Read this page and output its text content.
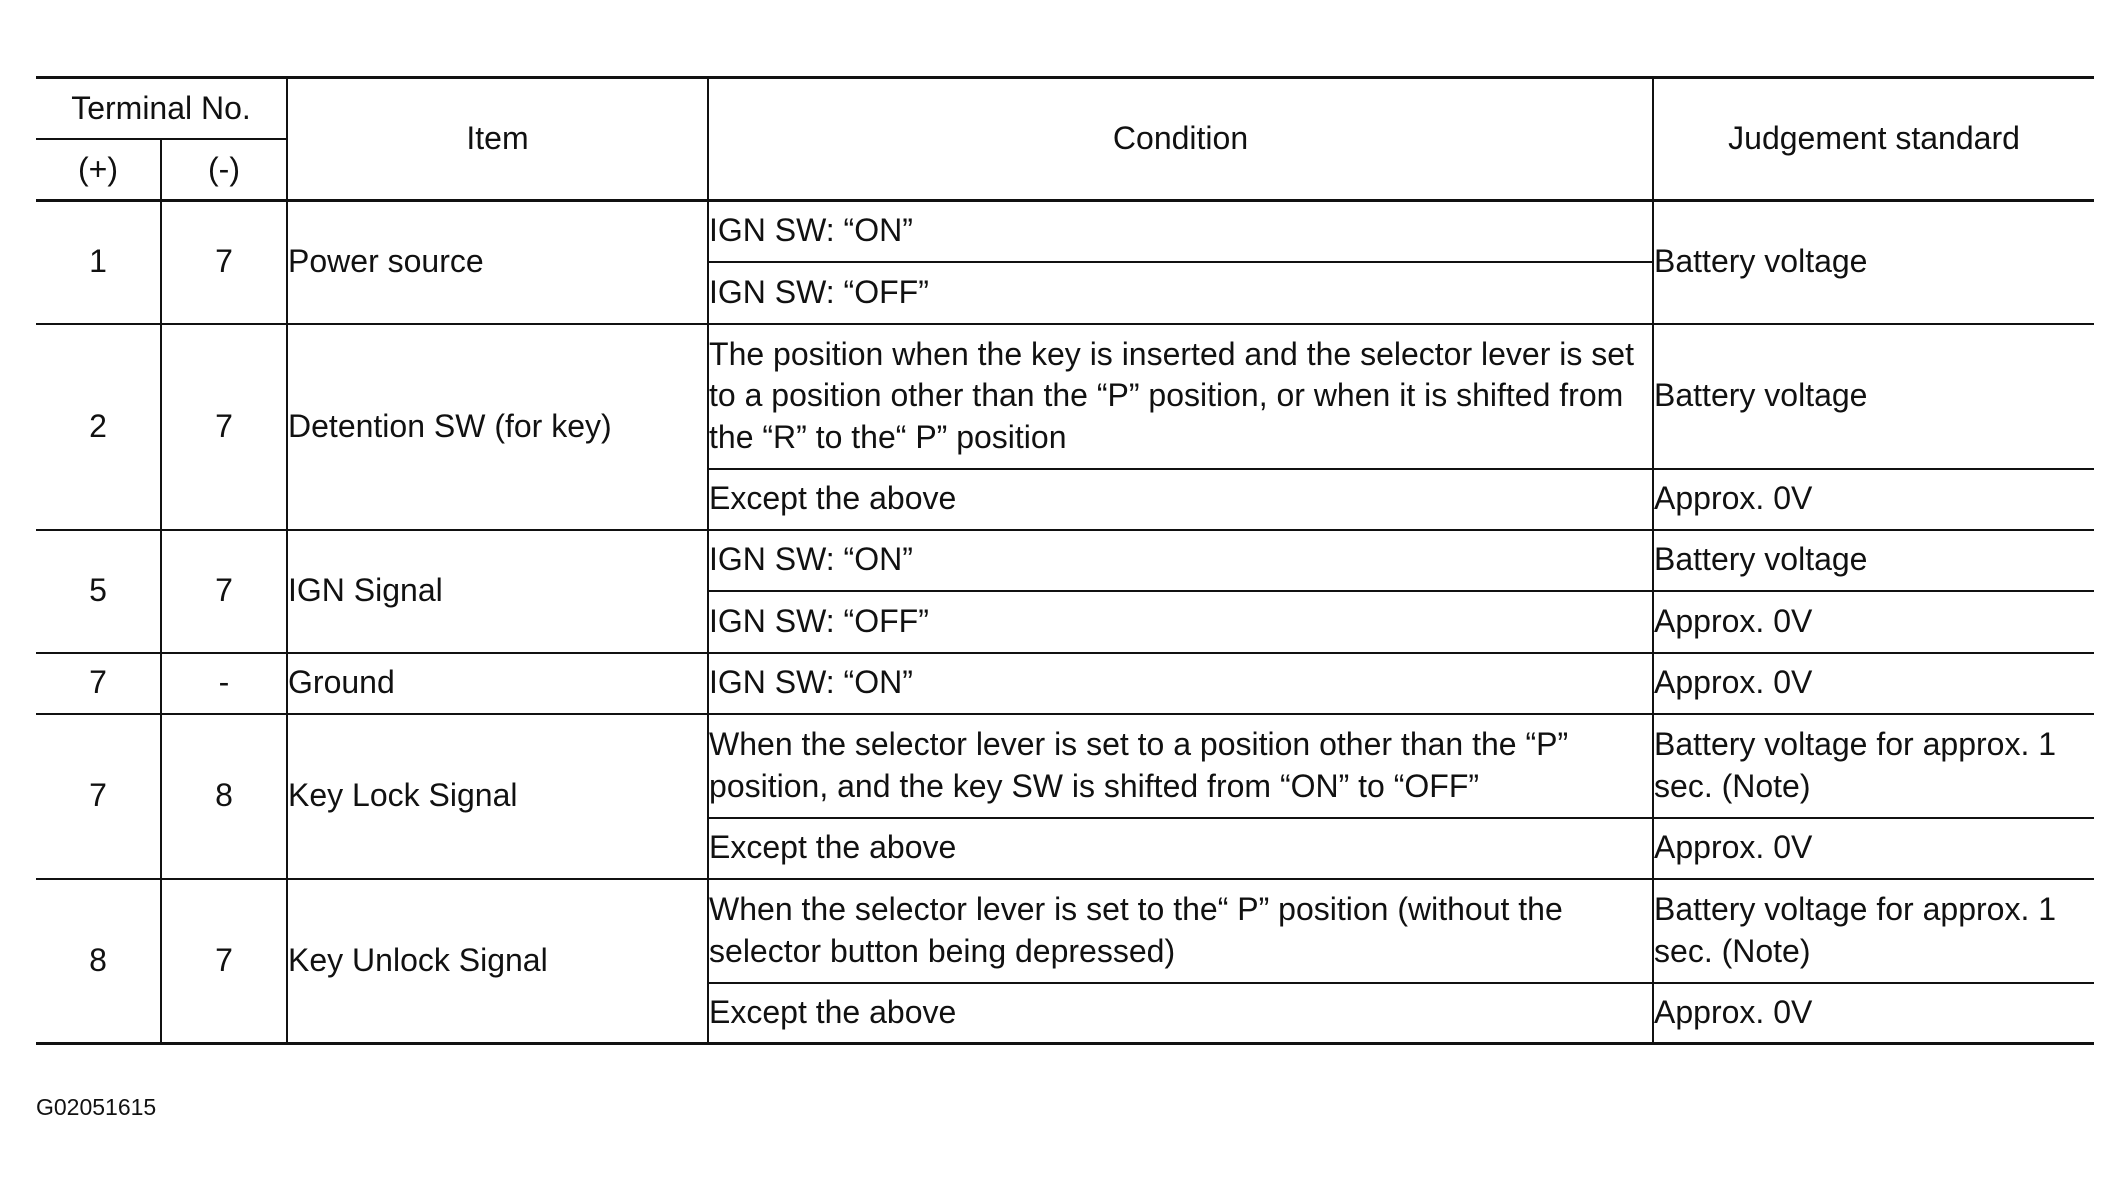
Terminal No.		Item	Condition	Judgement standard
(+)	(-)			
1	7	Power source	IGN SW: “ON”	Battery voltage
			IGN SW: “OFF”	
2	7	Detention SW (for key)	The position when the key is inserted and the selector lever is set to a position other than the “P” position, or when it is shifted from the “R” to the“ P” position	Battery voltage
			Except the above	Approx. 0V
5	7	IGN Signal	IGN SW: “ON”	Battery voltage
			IGN SW: “OFF”	Approx. 0V
7	-	Ground	IGN SW: “ON”	Approx. 0V
7	8	Key Lock Signal	When the selector lever is set to a position other than the “P” position, and the key SW is shifted from “ON” to “OFF”	Battery voltage for approx. 1 sec. (Note)
			Except the above	Approx. 0V
8	7	Key Unlock Signal	When the selector lever is set to the“ P” position (without the selector button being depressed)	Battery voltage for approx. 1 sec. (Note)
			Except the above	Approx. 0V
G02051615
